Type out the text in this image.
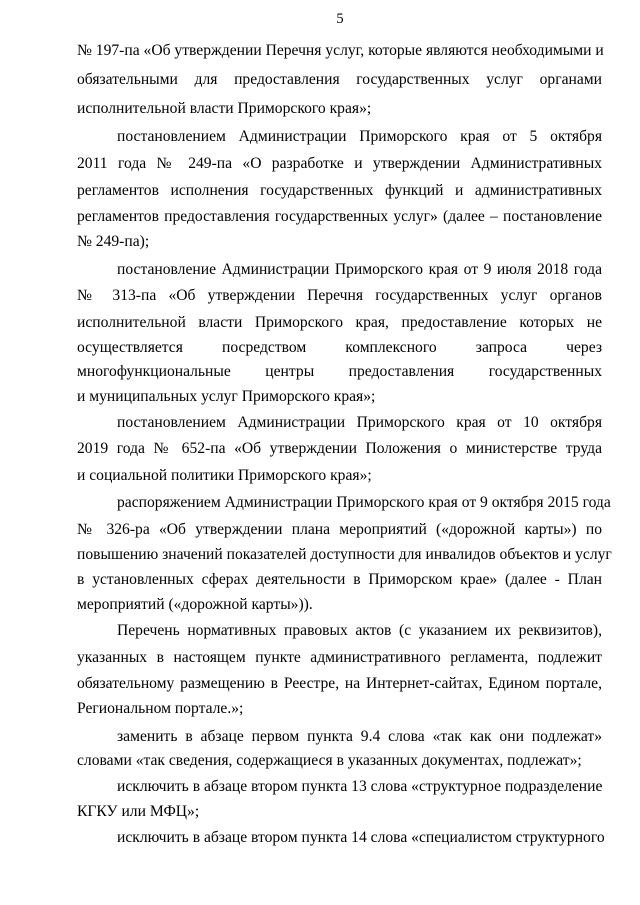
5
№ 197-па «Об утверждении Перечня услуг, которые являются необходимыми и
обязательными для предоставления государственных услуг органами
исполнительной власти Приморского края»;
постановлением Администрации Приморского края от 5 октября
2011 года № 249-па «О разработке и утверждении Административных
регламентов исполнения государственных функций и административных
регламентов предоставления государственных услуг» (далее – постановление
№ 249-па);
постановление Администрации Приморского края от 9 июля 2018 года
№ 313-па «Об утверждении Перечня государственных услуг органов
исполнительной власти Приморского края, предоставление которых не
осуществляется посредством комплексного запроса через
многофункциональные центры предоставления государственных
и муниципальных услуг Приморского края»;
постановлением Администрации Приморского края от 10 октября
2019 года № 652-па «Об утверждении Положения о министерстве труда
и социальной политики Приморского края»;
распоряжением Администрации Приморского края от 9 октября 2015 года
№ 326-ра «Об утверждении плана мероприятий («дорожной карты») по
повышению значений показателей доступности для инвалидов объектов и услуг
в установленных сферах деятельности в Приморском крае» (далее - План
мероприятий («дорожной карты»)).
Перечень нормативных правовых актов (с указанием их реквизитов),
указанных в настоящем пункте административного регламента, подлежит
обязательному размещению в Реестре, на Интернет-сайтах, Едином портале,
Региональном портале.»;
заменить в абзаце первом пункта 9.4 слова «так как они подлежат»
словами «так сведения, содержащиеся в указанных документах, подлежат»;
исключить в абзаце втором пункта 13 слова «структурное подразделение
КГКУ или МФЦ»;
исключить в абзаце втором пункта 14 слова «специалистом структурного
